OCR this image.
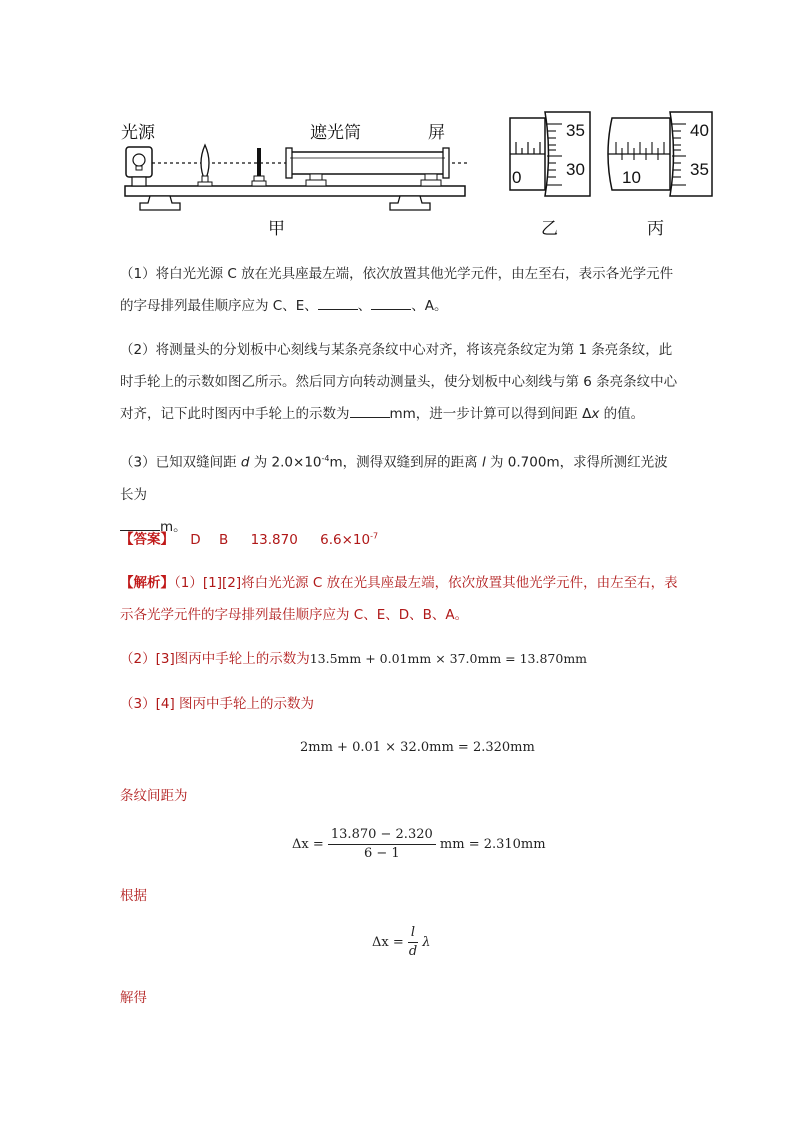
光源	遮光筒	屏
甲	乙	丙
35
30
0
40
35
10
（1）将白光光源 C 放在光具座最左端，依次放置其他光学元件，由左至右，表示各光学元件的字母排列最佳顺序应为 C、E、	、	、A。
（2）将测量头的分划板中心刻线与某条亮条纹中心对齐，将该亮条纹定为第 1 条亮条纹，此时手轮上的示数如图乙所示。然后同方向转动测量头，使分划板中心刻线与第 6 条亮条纹中心对齐，记下此时图丙中手轮上的示数为	mm，进一步计算可以得到间距 Δx 的值。
（3）已知双缝间距 d 为 $2.0\times 10^{-4}m$，测得双缝到屏的距离 l 为 0.700m，求得所测红光波长为
m。
【答案】 D B 13.870 $6.6\times 10^{-7}$
【解析】（1）[1][2]将白光光源 C 放在光具座最左端，依次放置其他光学元件，由左至右，表示各光学元件的字母排列最佳顺序应为 C、E、D、B、A。
（2）[3]图丙中手轮上的示数为13.5mm + 0.01mm × 37.0mm = 13.870mm
（3）[4] 图丙中手轮上的示数为
2mm + 0.01 × 32.0mm = 2.320mm
条纹间距为
$\Delta x = \frac{13.870 - 2.320}{6 - 1}$ mm = 2.310mm
根据
$\Delta x = \frac{l}{d}$ λ
解得
